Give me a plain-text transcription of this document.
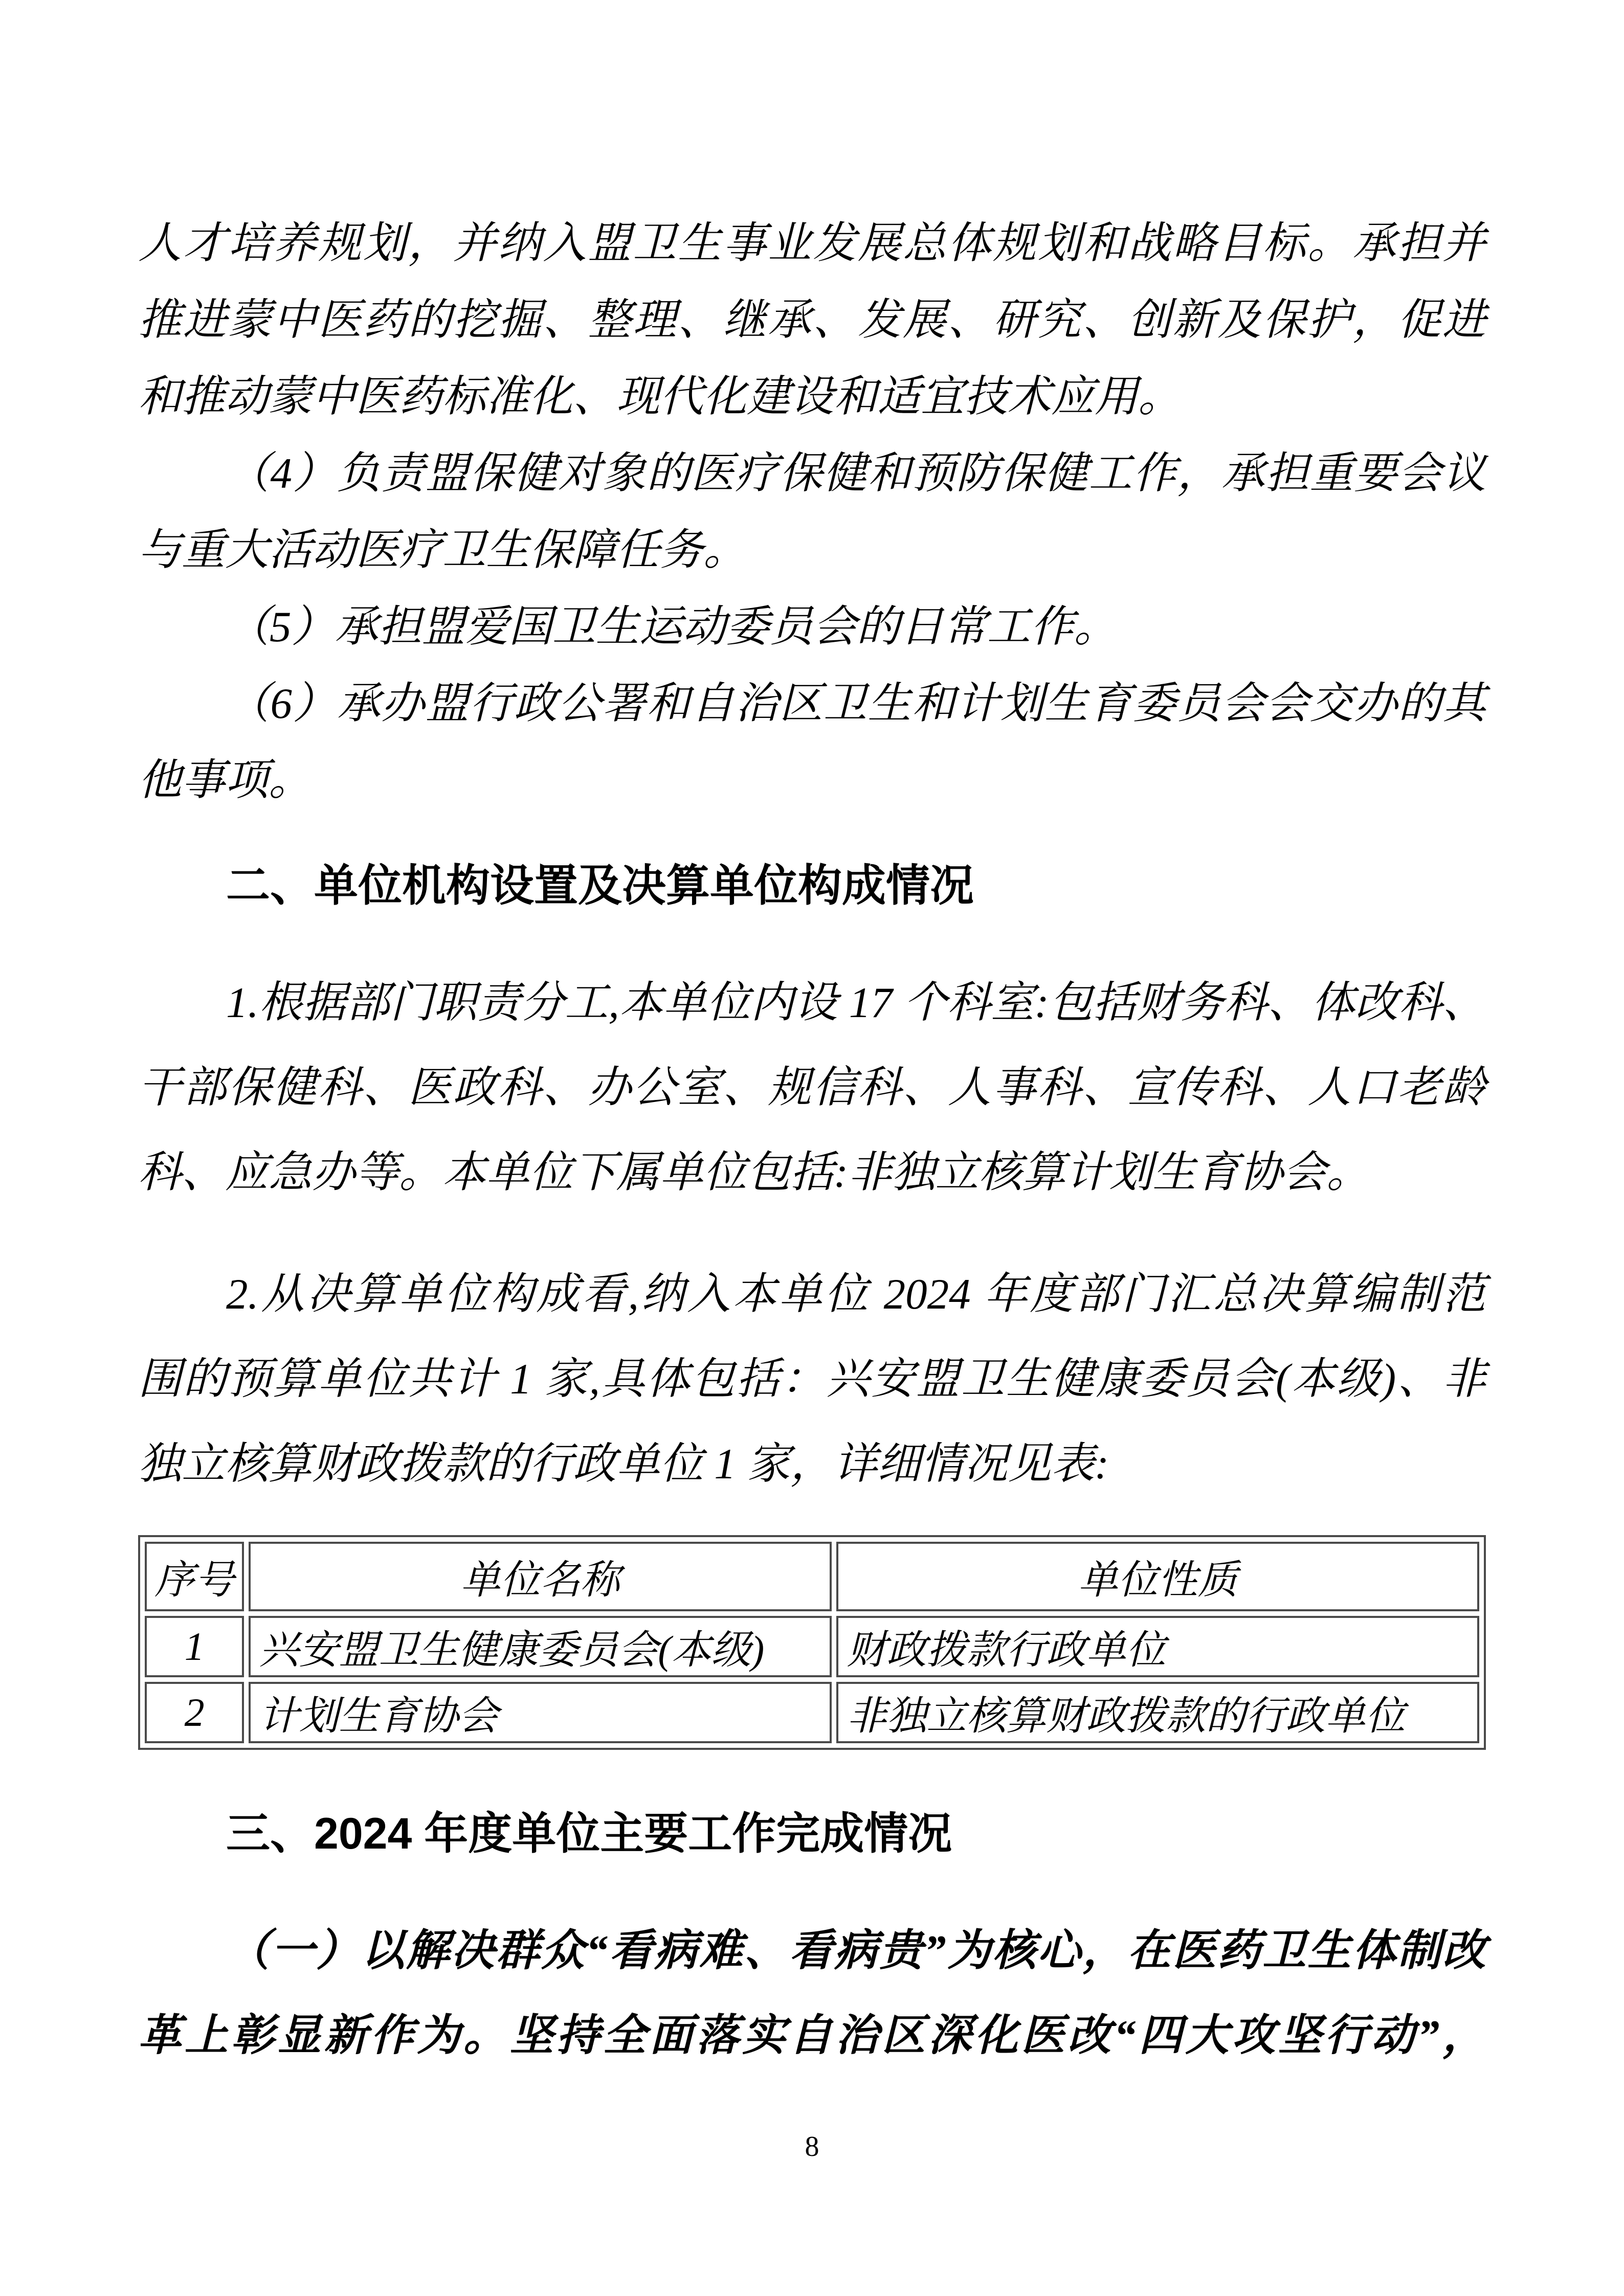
人才培养规划，并纳入盟卫生事业发展总体规划和战略目标。承担并
推进蒙中医药的挖掘、整理、继承、发展、研究、创新及保护，促进
和推动蒙中医药标准化、现代化建设和适宜技术应用。
（4）负责盟保健对象的医疗保健和预防保健工作，承担重要会议
与重大活动医疗卫生保障任务。
（5）承担盟爱国卫生运动委员会的日常工作。
（6）承办盟行政公署和自治区卫生和计划生育委员会会交办的其
他事项。
二、单位机构设置及决算单位构成情况
1.根据部门职责分工,本单位内设 17 个科室:包括财务科、体改科、
干部保健科、医政科、办公室、规信科、人事科、宣传科、人口老龄
科、应急办等。本单位下属单位包括:非独立核算计划生育协会。
2.从决算单位构成看,纳入本单位 2024 年度部门汇总决算编制范
围的预算单位共计 1 家,具体包括：兴安盟卫生健康委员会(本级)、非
独立核算财政拨款的行政单位 1 家，详细情况见表:
序号	单位名称	单位性质
1	兴安盟卫生健康委员会(本级)	财政拨款行政单位
2	计划生育协会	非独立核算财政拨款的行政单位
三、2024 年度单位主要工作完成情况
（一）以解决群众“看病难、看病贵”为核心，在医药卫生体制改
革上彰显新作为。坚持全面落实自治区深化医改“四大攻坚行动”，
8
